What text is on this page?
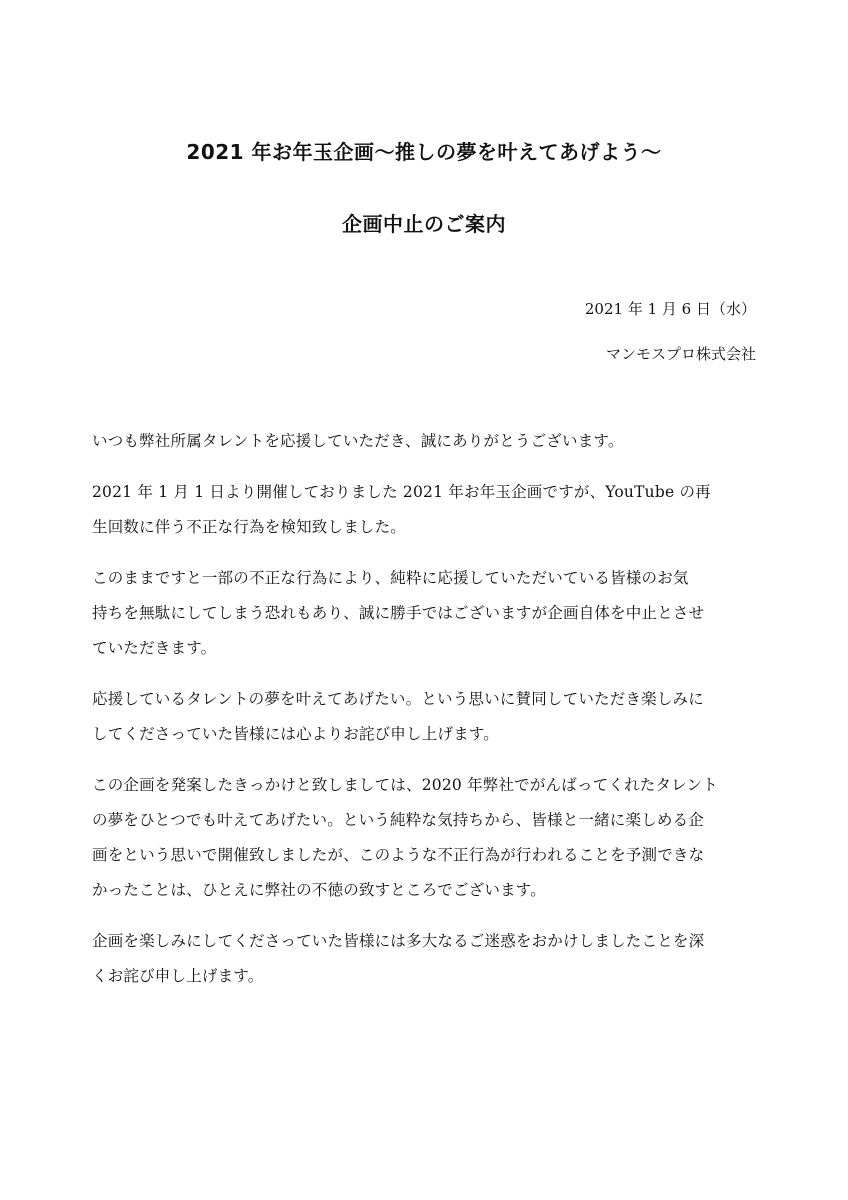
2021 年お年玉企画～推しの夢を叶えてあげよう～
企画中止のご案内

2021 年 1 月 6 日（水）

マンモスプロ株式会社

いつも弊社所属タレントを応援していただき、誠にありがとうございます。

2021 年 1 月 1 日より開催しておりました 2021 年お年玉企画ですが、YouTube の再
生回数に伴う不正な行為を検知致しました。

このままですと一部の不正な行為により、純粋に応援していただいている皆様のお気
持ちを無駄にしてしまう恐れもあり、誠に勝手ではございますが企画自体を中止とさせ
ていただきます。

応援しているタレントの夢を叶えてあげたい。という思いに賛同していただき楽しみに
してくださっていた皆様には心よりお詫び申し上げます。

この企画を発案したきっかけと致しましては、2020 年弊社でがんばってくれたタレント
の夢をひとつでも叶えてあげたい。という純粋な気持ちから、皆様と一緒に楽しめる企
画をという思いで開催致しましたが、このような不正行為が行われることを予測できな
かったことは、ひとえに弊社の不徳の致すところでございます。

企画を楽しみにしてくださっていた皆様には多大なるご迷惑をおかけしましたことを深
くお詫び申し上げます。
